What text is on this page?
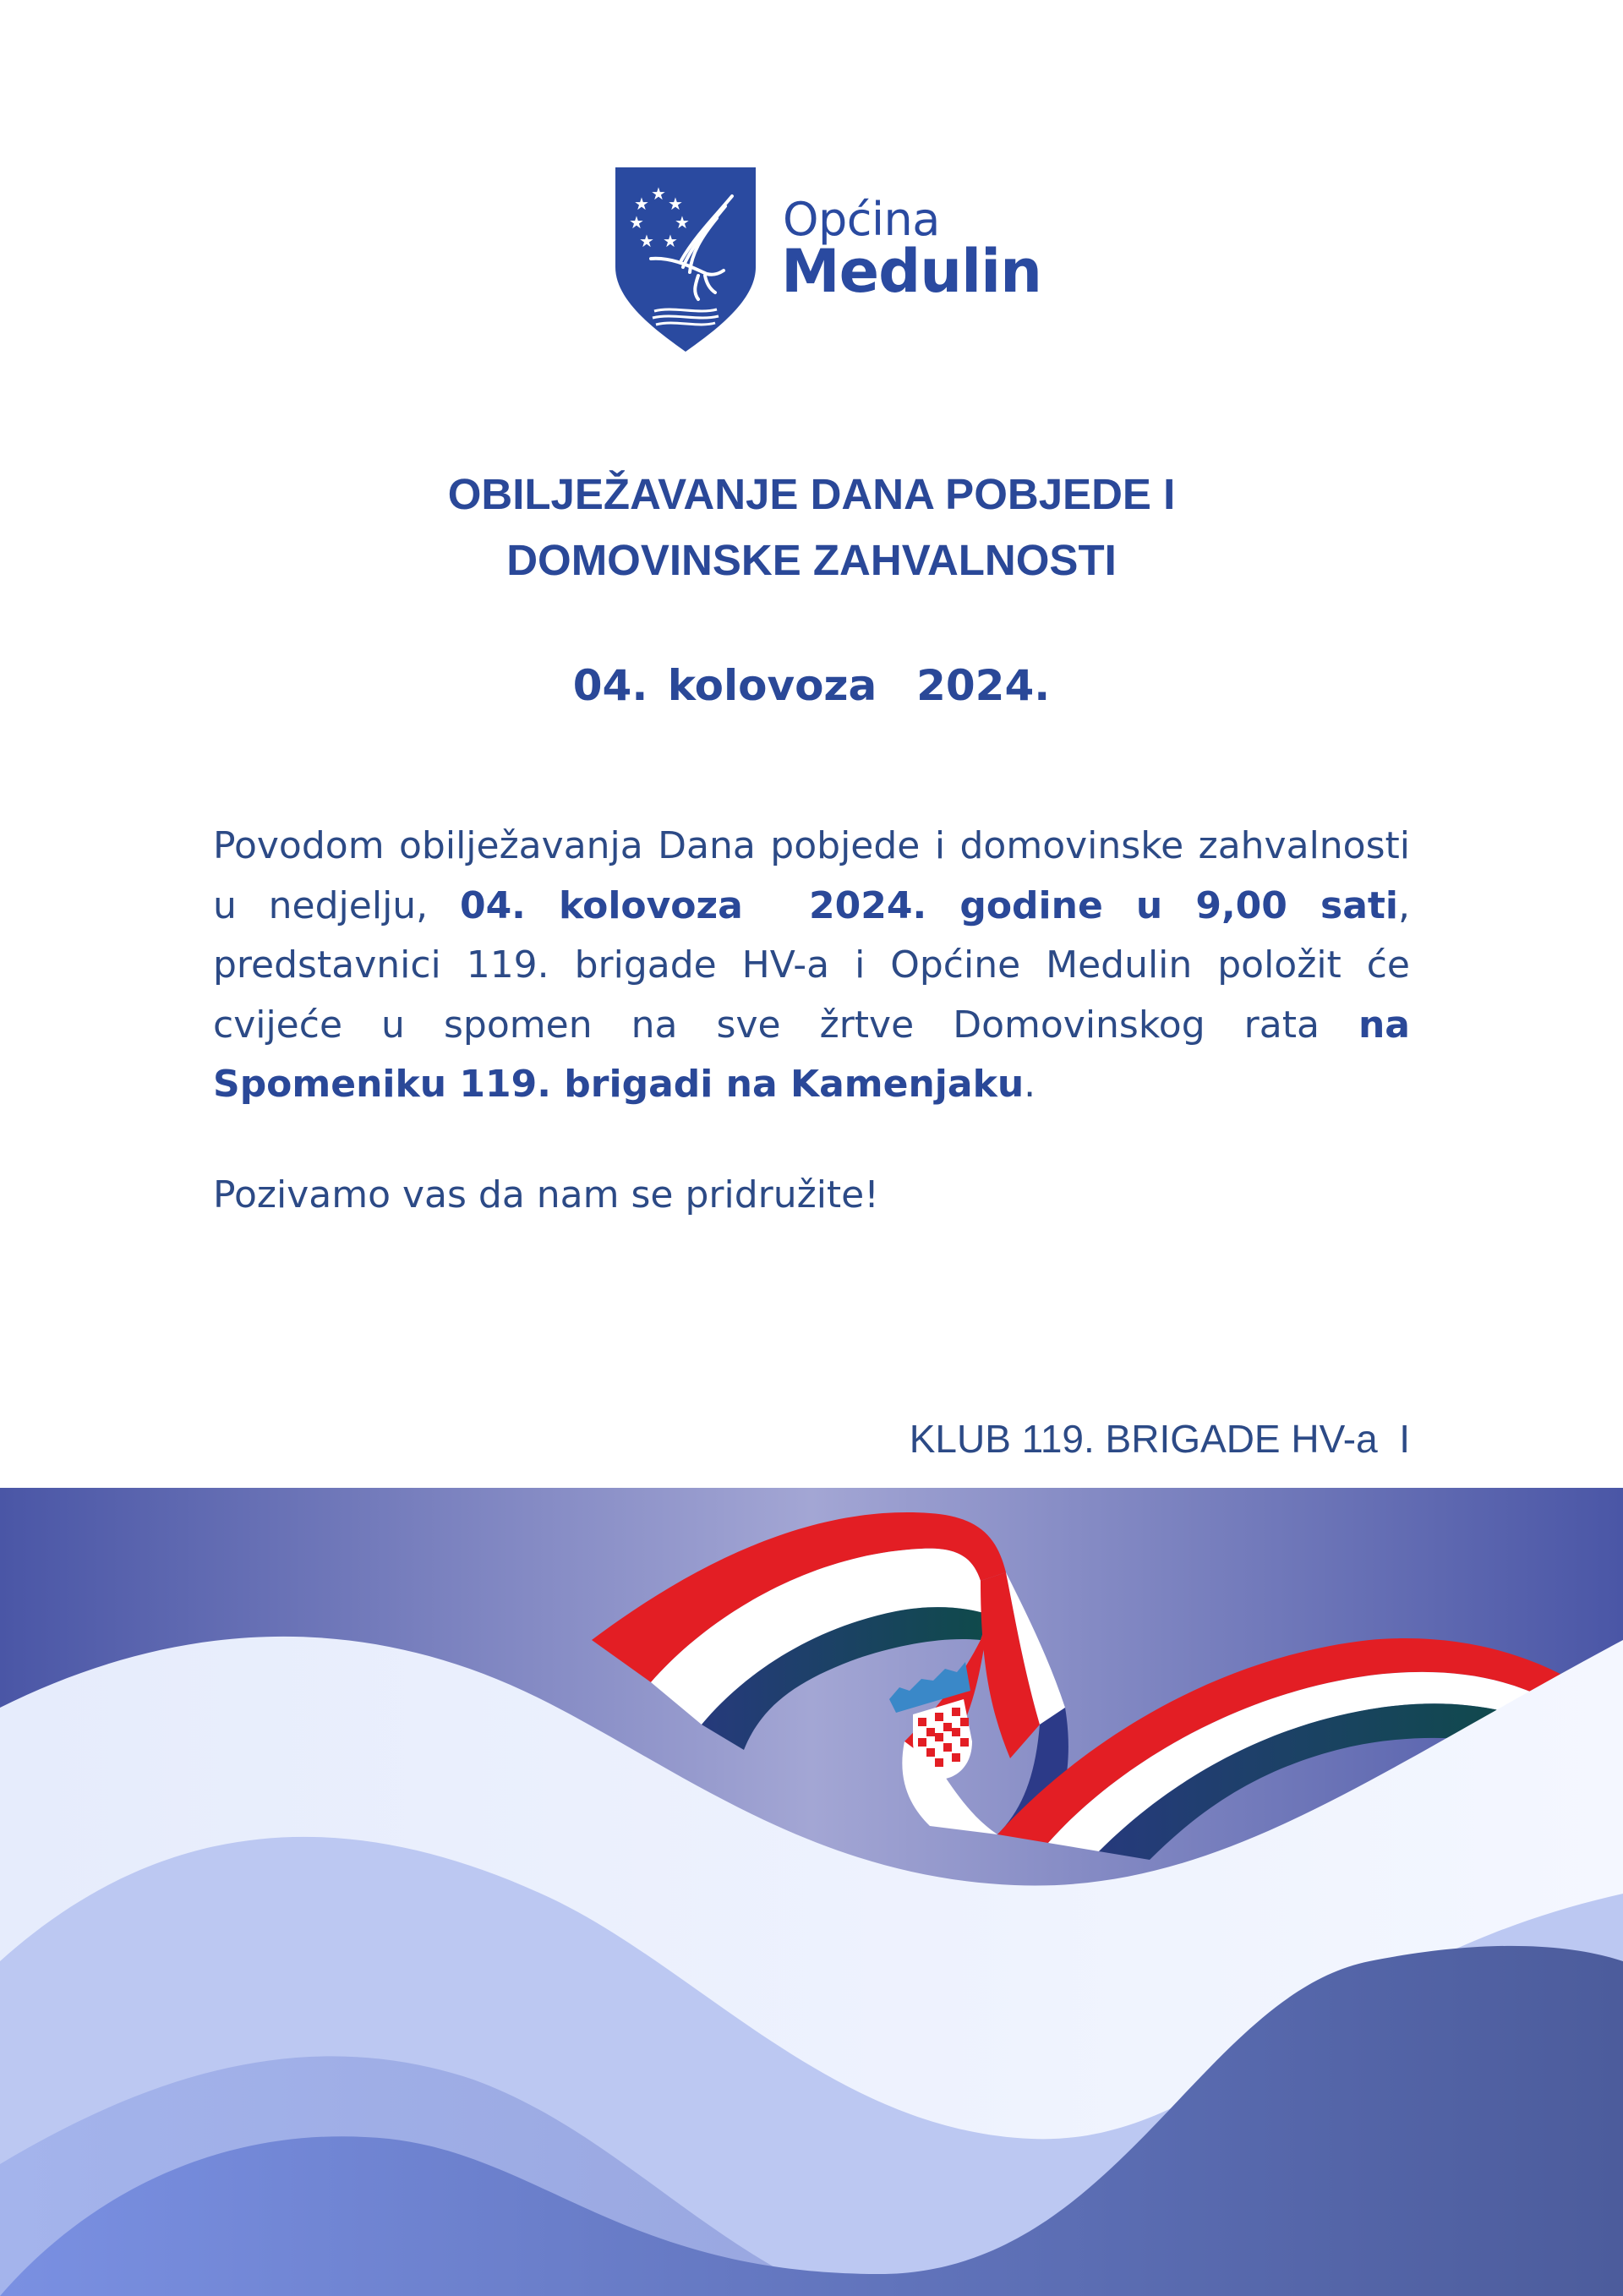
★ ★ ★
★ ★
★ ★ Općina
Medulin
OBILJEŽAVANJE DANA POBJEDE I
DOMOVINSKE ZAHVALNOSTI
04. kolovoza  2024.
Povodom obilježavanja Dana pobjede i domovinske zahvalnosti  u nedjelju, 04. kolovoza  2024. godine u 9,00 sati, predstavnici 119. brigade HV-a i Općine Medulin položit će cvijeće u spomen na sve žrtve Domovinskog rata na  Spomeniku 119. brigadi na Kamenjaku.
Pozivamo vas da nam se pridružite!

KLUB 119. BRIGADE HV-a  I
